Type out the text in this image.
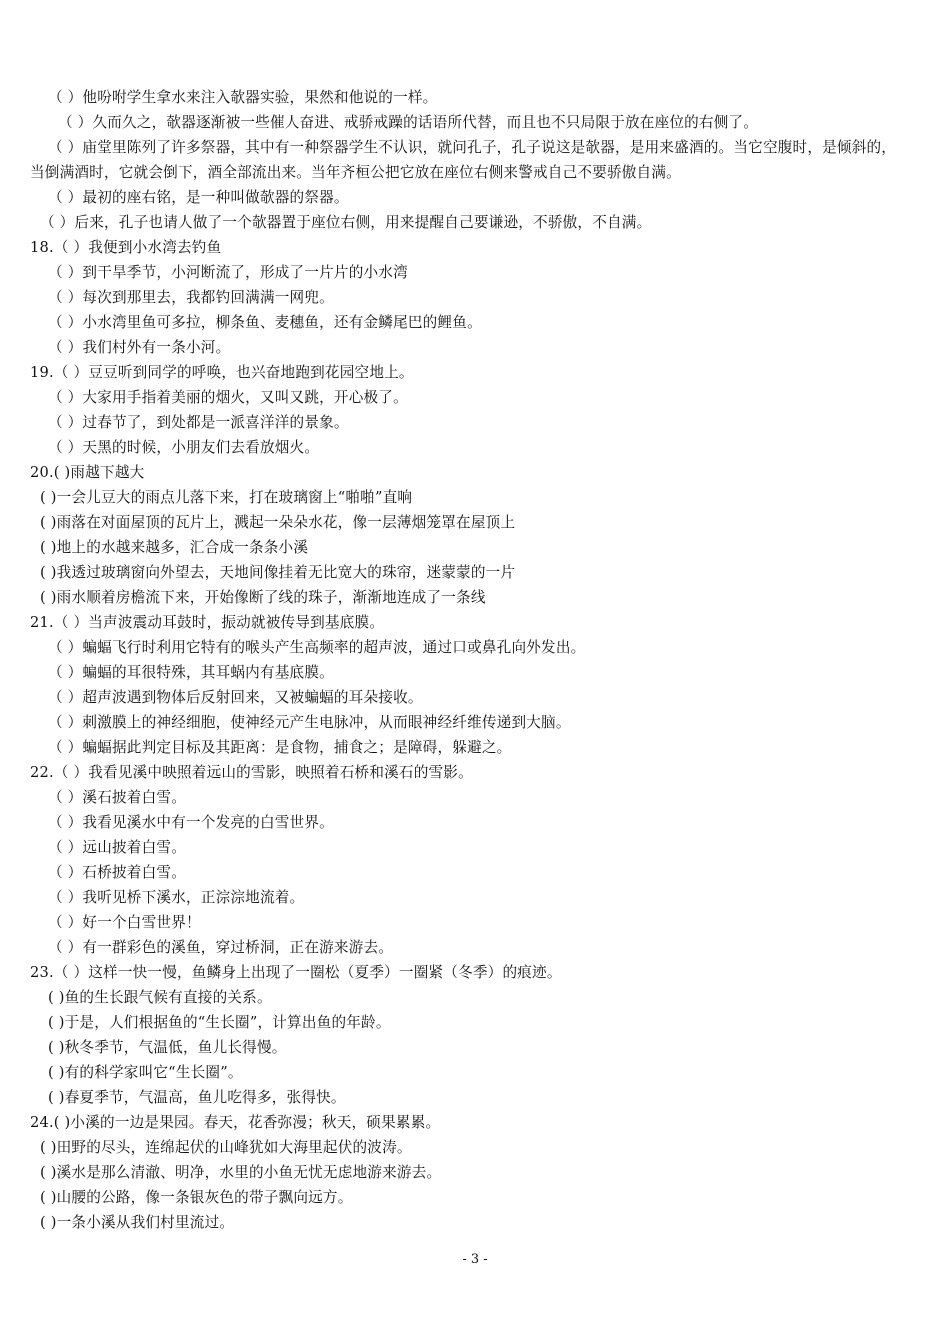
（ ）他吩咐学生拿水来注入欹器实验，果然和他说的一样。
（ ）久而久之，欹器逐渐被一些催人奋进、戒骄戒躁的话语所代替，而且也不只局限于放在座位的右侧了。
（ ）庙堂里陈列了许多祭器，其中有一种祭器学生不认识，就问孔子，孔子说这是欹器，是用来盛酒的。当它空腹时，是倾斜的，
当倒满酒时，它就会倒下，酒全部流出来。当年齐桓公把它放在座位右侧来警戒自己不要骄傲自满。
（ ）最初的座右铭，是一种叫做欹器的祭器。
（ ）后来，孔子也请人做了一个欹器置于座位右侧，用来提醒自己要谦逊，不骄傲，不自满。
18.（ ）我便到小水湾去钓鱼
（ ）到干旱季节，小河断流了，形成了一片片的小水湾
（ ）每次到那里去，我都钓回满满一网兜。
（ ）小水湾里鱼可多拉，柳条鱼、麦穗鱼，还有金鳞尾巴的鲤鱼。
（ ）我们村外有一条小河。
19.（ ）豆豆听到同学的呼唤，也兴奋地跑到花园空地上。
（ ）大家用手指着美丽的烟火，又叫又跳，开心极了。
（ ）过春节了，到处都是一派喜洋洋的景象。
（ ）天黑的时候，小朋友们去看放烟火。
20.( )雨越下越大
( )一会儿豆大的雨点儿落下来，打在玻璃窗上“啪啪”直响
( )雨落在对面屋顶的瓦片上，溅起一朵朵水花，像一层薄烟笼罩在屋顶上
( )地上的水越来越多，汇合成一条条小溪
( )我透过玻璃窗向外望去，天地间像挂着无比宽大的珠帘，迷蒙蒙的一片
( )雨水顺着房檐流下来，开始像断了线的珠子，渐渐地连成了一条线
21.（ ）当声波震动耳鼓时，振动就被传导到基底膜。
（ ）蝙蝠飞行时利用它特有的喉头产生高频率的超声波，通过口或鼻孔向外发出。
（ ）蝙蝠的耳很特殊，其耳蜗内有基底膜。
（ ）超声波遇到物体后反射回来，又被蝙蝠的耳朵接收。
（ ）刺激膜上的神经细胞，使神经元产生电脉冲，从而眼神经纤维传递到大脑。
（ ）蝙蝠据此判定目标及其距离：是食物，捕食之；是障碍，躲避之。
22.（ ）我看见溪中映照着远山的雪影，映照着石桥和溪石的雪影。
（ ）溪石披着白雪。
（ ）我看见溪水中有一个发亮的白雪世界。
（ ）远山披着白雪。
（ ）石桥披着白雪。
（ ）我听见桥下溪水，正淙淙地流着。
（ ）好一个白雪世界！
（ ）有一群彩色的溪鱼，穿过桥洞，正在游来游去。
23.（ ）这样一快一慢，鱼鳞身上出现了一圈松（夏季）一圈紧（冬季）的痕迹。
( )鱼的生长跟气候有直接的关系。
( )于是，人们根据鱼的“生长圈”，计算出鱼的年龄。
( )秋冬季节，气温低，鱼儿长得慢。
( )有的科学家叫它“生长圈”。
( )春夏季节，气温高，鱼儿吃得多，张得快。
24.( )小溪的一边是果园。春天，花香弥漫；秋天，硕果累累。
( )田野的尽头，连绵起伏的山峰犹如大海里起伏的波涛。
( )溪水是那么清澈、明净，水里的小鱼无忧无虑地游来游去。
( )山腰的公路，像一条银灰色的带子飘向远方。
( )一条小溪从我们村里流过。
- 3 -
